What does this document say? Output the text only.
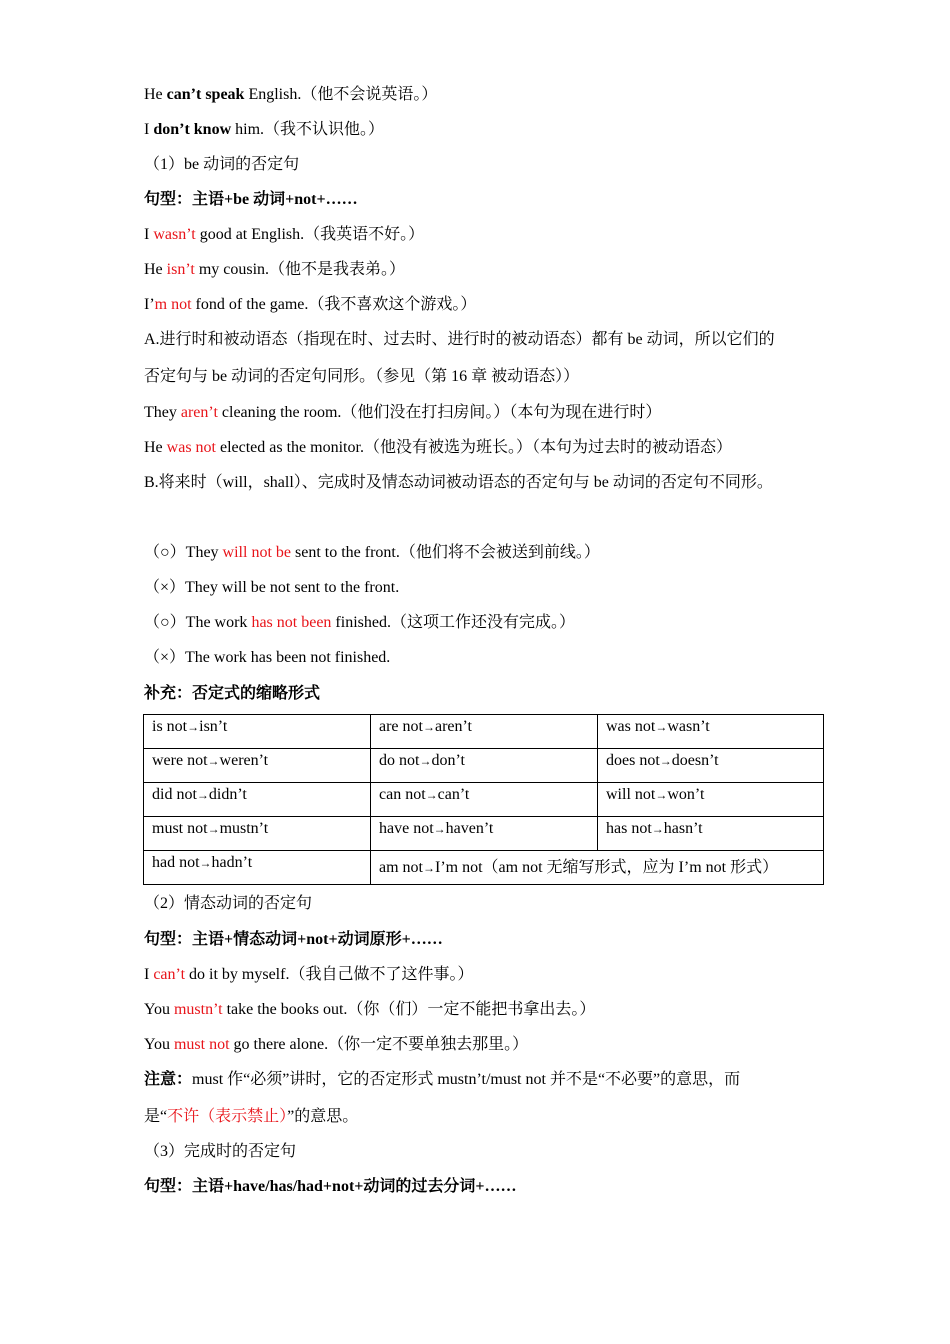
He can’t speak English.（他不会说英语。）
I don’t know him.（我不认识他。）
（1）be 动词的否定句
句型：主语+be 动词+not+……
I wasn’t good at English.（我英语不好。）
He isn’t my cousin.（他不是我表弟。）
I’m not fond of the game.（我不喜欢这个游戏。）
A.进行时和被动语态（指现在时、过去时、进行时的被动语态）都有 be 动词，所以它们的
否定句与 be 动词的否定句同形。（参见（第 16 章 被动语态））
They aren’t cleaning the room.（他们没在打扫房间。）（本句为现在进行时）
He was not elected as the monitor.（他没有被选为班长。）（本句为过去时的被动语态）
B.将来时（will，shall）、完成时及情态动词被动语态的否定句与 be 动词的否定句不同形。
（○）They will not be sent to the front.（他们将不会被送到前线。）
（×）They will be not sent to the front.
（○）The work has not been finished.（这项工作还没有完成。）
（×）The work has been not finished.
补充：否定式的缩略形式
is not→isn’t	are not→aren’t	was not→wasn’t
were not→weren’t	do not→don’t	does not→doesn’t
did not→didn’t	can not→can’t	will not→won’t
must not→mustn’t	have not→haven’t	has not→hasn’t
had not→hadn’t	am not→I’m not（am not 无缩写形式，应为 I’m not 形式）	
（2）情态动词的否定句
句型：主语+情态动词+not+动词原形+……
I can’t do it by myself.（我自己做不了这件事。）
You mustn’t take the books out.（你（们）一定不能把书拿出去。）
You must not go there alone.（你一定不要单独去那里。）
注意：must 作“必须”讲时，它的否定形式 mustn’t/must not 并不是“不必要”的意思，而
是“不许（表示禁止）”的意思。
（3）完成时的否定句
句型：主语+have/has/had+not+动词的过去分词+……
